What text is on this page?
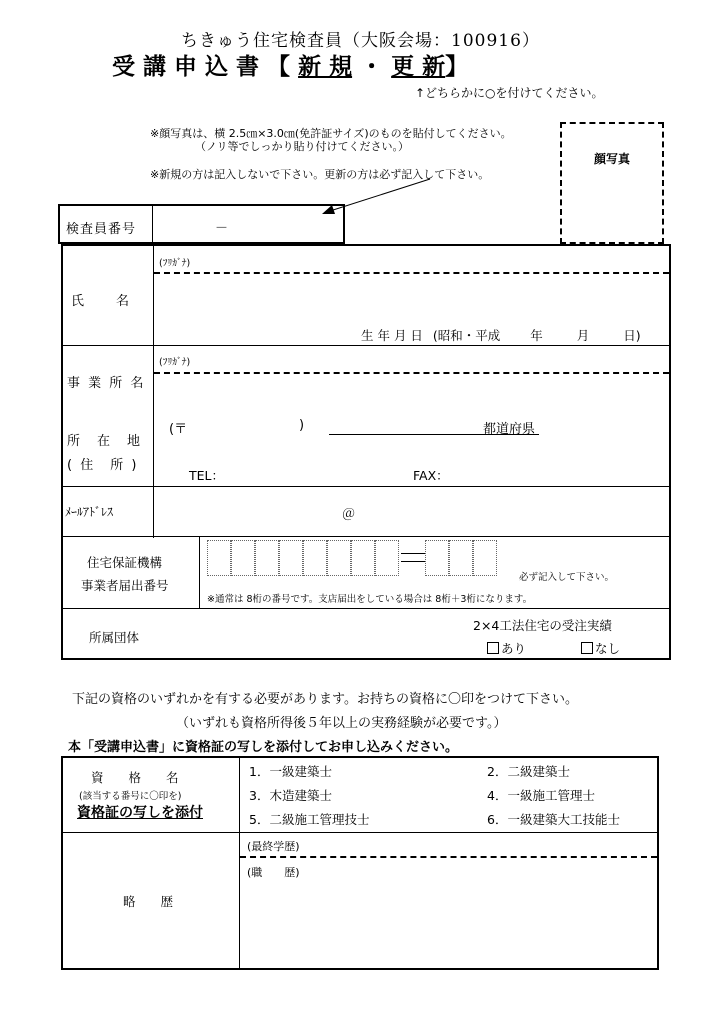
ちきゅう住宅検査員（大阪会場：100916）
受 講 申 込 書 【 新 規 ・ 更 新】
↑どちらかに○を付けてください。
※顔写真は、横 2.5㎝×3.0㎝(免許証サイズ)のものを貼付してください。
（ノリ等でしっかり貼り付けてください。）
※新規の方は記入しないで下さい。更新の方は必ず記入して下さい。
顔写真
検査員番号	－
(ﾌﾘｶﾞﾅ)
氏　　名
生 年 月 日 (昭和・平成 年	月	日)
(ﾌﾘｶﾞﾅ)
事 業 所 名
所　在　地
( 住　所 )
(〒	)	都道府県
TEL：	FAX：
ﾒｰﾙｱﾄﾞﾚｽ	＠
住宅保証機構
事業者届出番号
必ず記入して下さい。
※通常は 8桁の番号です。支店届出をしている場合は 8桁＋3桁になります。
所属団体
2×4工法住宅の受注実績
あり	なし
下記の資格のいずれかを有する必要があります。お持ちの資格に〇印をつけて下さい。
（いずれも資格所得後５年以上の実務経験が必要です。）
本「受講申込書」に資格証の写しを添付してお申し込みください。
資　　格　　名
(該当する番号に〇印を)
資格証の写しを添付
1．一級建築士	2．二級建築士
3．木造建築士	4．一級施工管理士
5．二級施工管理技士	6．一級建築大工技能士
略　　歴
(最終学歴)
(職　　歴)
